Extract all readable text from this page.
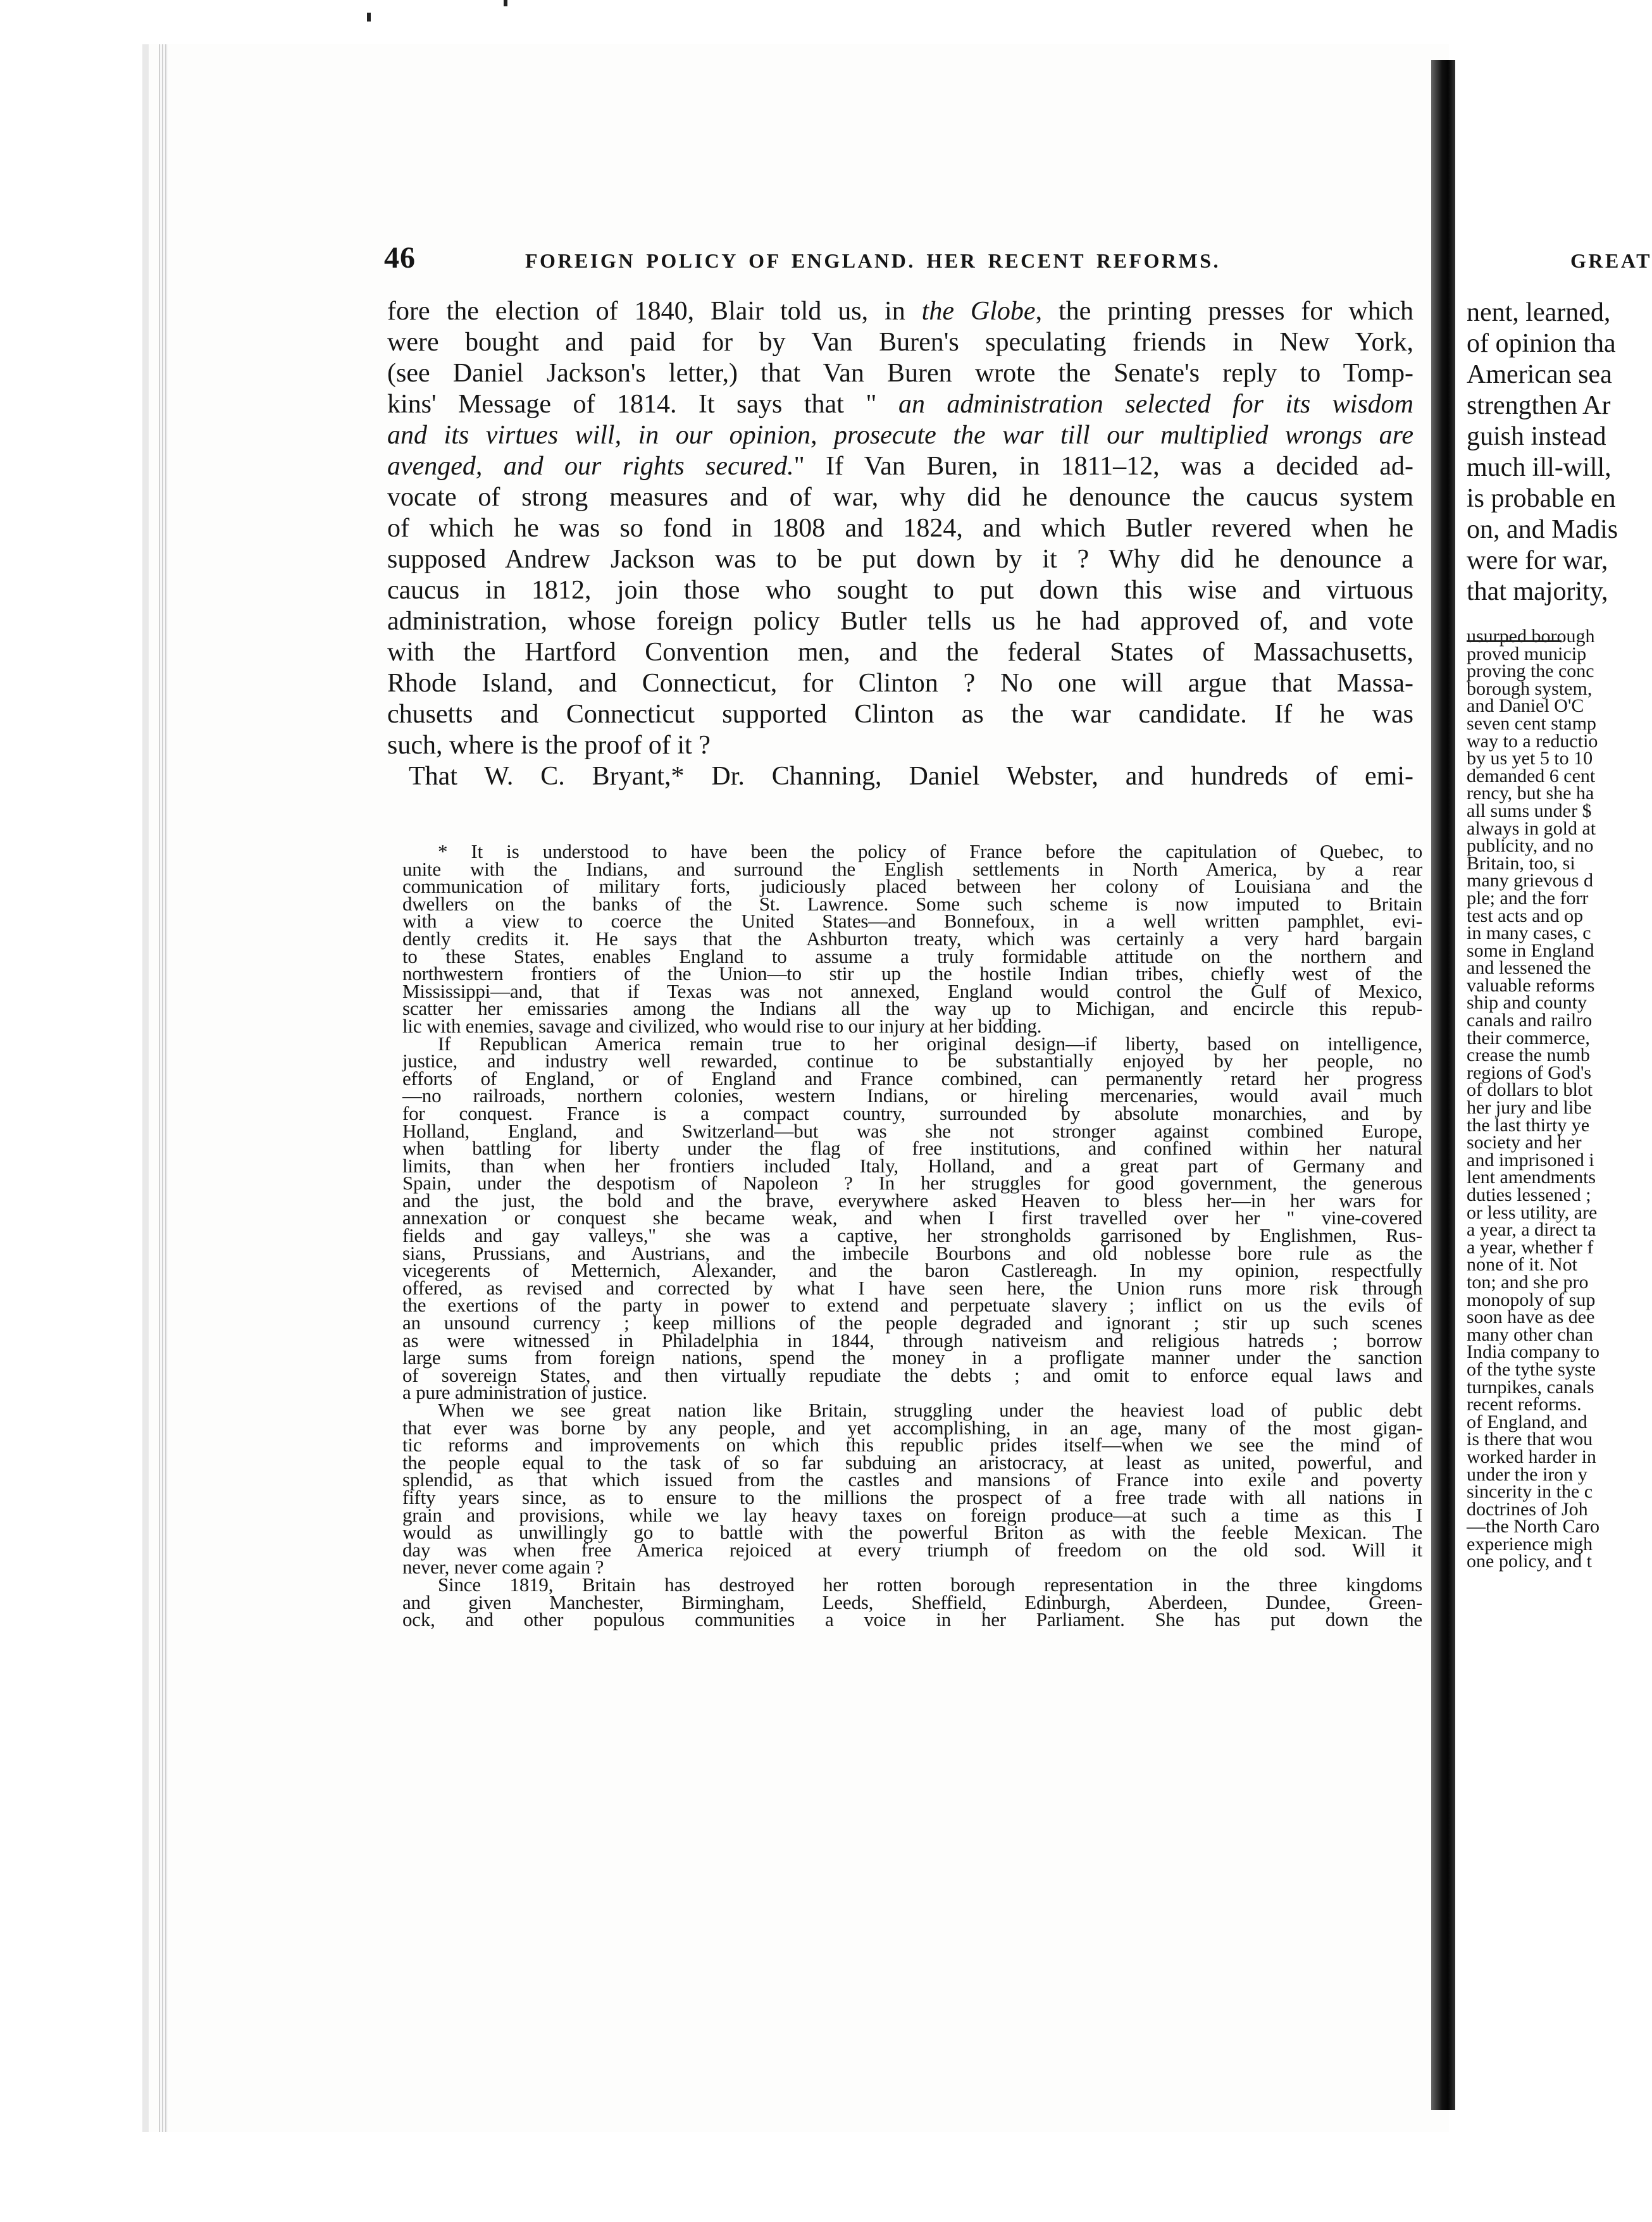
46	FOREIGN POLICY OF ENGLAND. HER RECENT REFORMS.	GREAT
fore the election of 1840, Blair told us, in the Globe, the printing presses for which
were bought and paid for by Van Buren's speculating friends in New York,
(see Daniel Jackson's letter,) that Van Buren wrote the Senate's reply to Tomp-
kins' Message of 1814. It says that " an administration selected for its wisdom
and its virtues will, in our opinion, prosecute the war till our multiplied wrongs are
avenged, and our rights secured." If Van Buren, in 1811–12, was a decided ad-
vocate of strong measures and of war, why did he denounce the caucus system
of which he was so fond in 1808 and 1824, and which Butler revered when he
supposed Andrew Jackson was to be put down by it ? Why did he denounce a
caucus in 1812, join those who sought to put down this wise and virtuous
administration, whose foreign policy Butler tells us he had approved of, and vote
with the Hartford Convention men, and the federal States of Massachusetts,
Rhode Island, and Connecticut, for Clinton ? No one will argue that Massa-
chusetts and Connecticut supported Clinton as the war candidate. If he was
such, where is the proof of it ?
That W. C. Bryant,* Dr. Channing, Daniel Webster, and hundreds of emi-
* It is understood to have been the policy of France before the capitulation of Quebec, to
unite with the Indians, and surround the English settlements in North America, by a rear
communication of military forts, judiciously placed between her colony of Louisiana and the
dwellers on the banks of the St. Lawrence. Some such scheme is now imputed to Britain
with a view to coerce the United States—and Bonnefoux, in a well written pamphlet, evi-
dently credits it. He says that the Ashburton treaty, which was certainly a very hard bargain
to these States, enables England to assume a truly formidable attitude on the northern and
northwestern frontiers of the Union—to stir up the hostile Indian tribes, chiefly west of the
Mississippi—and, that if Texas was not annexed, England would control the Gulf of Mexico,
scatter her emissaries among the Indians all the way up to Michigan, and encircle this repub-
lic with enemies, savage and civilized, who would rise to our injury at her bidding.
If Republican America remain true to her original design—if liberty, based on intelligence,
justice, and industry well rewarded, continue to be substantially enjoyed by her people, no
efforts of England, or of England and France combined, can permanently retard her progress
—no railroads, northern colonies, western Indians, or hireling mercenaries, would avail much
for conquest. France is a compact country, surrounded by absolute monarchies, and by
Holland, England, and Switzerland—but was she not stronger against combined Europe,
when battling for liberty under the flag of free institutions, and confined within her natural
limits, than when her frontiers included Italy, Holland, and a great part of Germany and
Spain, under the despotism of Napoleon ? In her struggles for good government, the generous
and the just, the bold and the brave, everywhere asked Heaven to bless her—in her wars for
annexation or conquest she became weak, and when I first travelled over her " vine-covered
fields and gay valleys," she was a captive, her strongholds garrisoned by Englishmen, Rus-
sians, Prussians, and Austrians, and the imbecile Bourbons and old noblesse bore rule as the
vicegerents of Metternich, Alexander, and the baron Castlereagh. In my opinion, respectfully
offered, as revised and corrected by what I have seen here, the Union runs more risk through
the exertions of the party in power to extend and perpetuate slavery ; inflict on us the evils of
an unsound currency ; keep millions of the people degraded and ignorant ; stir up such scenes
as were witnessed in Philadelphia in 1844, through nativeism and religious hatreds ; borrow
large sums from foreign nations, spend the money in a profligate manner under the sanction
of sovereign States, and then virtually repudiate the debts ; and omit to enforce equal laws and
a pure administration of justice.
When we see great nation like Britain, struggling under the heaviest load of public debt
that ever was borne by any people, and yet accomplishing, in an age, many of the most gigan-
tic reforms and improvements on which this republic prides itself—when we see the mind of
the people equal to the task of so far subduing an aristocracy, at least as united, powerful, and
splendid, as that which issued from the castles and mansions of France into exile and poverty
fifty years since, as to ensure to the millions the prospect of a free trade with all nations in
grain and provisions, while we lay heavy taxes on foreign produce—at such a time as this I
would as unwillingly go to battle with the powerful Briton as with the feeble Mexican. The
day was when free America rejoiced at every triumph of freedom on the old sod. Will it
never, never come again ?
Since 1819, Britain has destroyed her rotten borough representation in the three kingdoms
and given Manchester, Birmingham, Leeds, Sheffield, Edinburgh, Aberdeen, Dundee, Green-
ock, and other populous communities a voice in her Parliament. She has put down the
nent, learned,
of opinion tha
American sea
strengthen Ar
guish instead
much ill-will,
is probable en
on, and Madis
were for war,
that majority,
usurped borough
proved municip
proving the conc
borough system,
and Daniel O'C
seven cent stamp
way to a reductio
by us yet 5 to 10
demanded 6 cent
rency, but she ha
all sums under $
always in gold at
publicity, and no
Britain, too, si
many grievous d
ple; and the forr
test acts and op
in many cases, c
some in England
and lessened the
valuable reforms
ship and county
canals and railro
their commerce,
crease the numb
regions of God's
of dollars to blot
her jury and libe
the last thirty ye
society and her
and imprisoned i
lent amendments
duties lessened ;
or less utility, are
a year, a direct ta
a year, whether f
none of it. Not
ton; and she pro
monopoly of sup
soon have as dee
many other chan
India company to
of the tythe syste
turnpikes, canals
recent reforms.
of England, and
is there that wou
worked harder in
under the iron y
sincerity in the c
doctrines of Joh
—the North Caro
experience migh
one policy, and t
